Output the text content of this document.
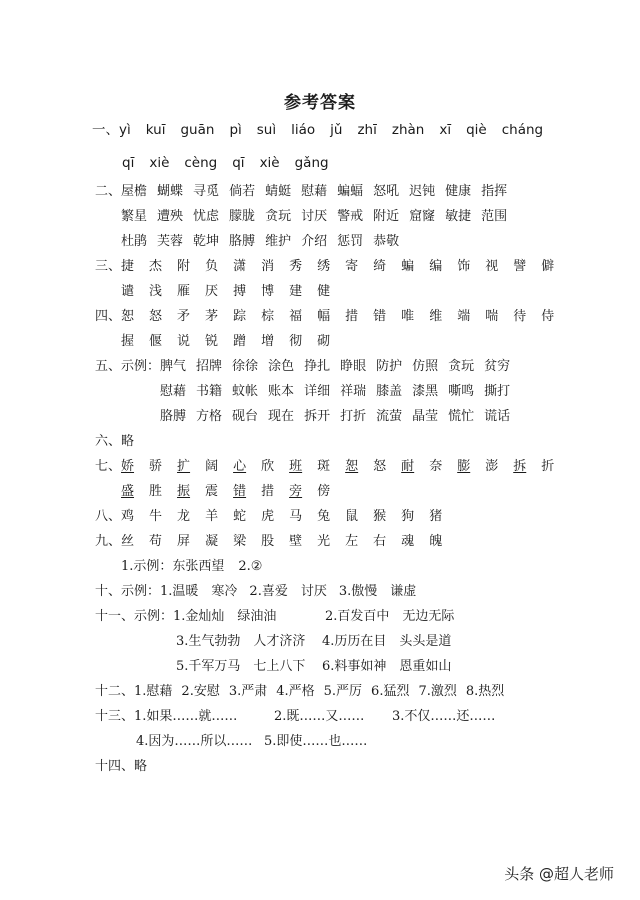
参考答案
一、yì kuī guān pì suì liáo jǔ zhī zhàn xī qiè cháng
qī xiè cèng qī xiè gǎng
二、屋檐 蝴蝶 寻觅 倘若 蜻蜓 慰藉 蝙蝠 怒吼 迟钝 健康 指挥
繁星 遭殃 忧虑 朦胧 贪玩 讨厌 警戒 附近 窟窿 敏捷 范围
杜鹃 芙蓉 乾坤 胳膊 维护 介绍 惩罚 恭敬
三、捷 杰 附 负 潇 消 秀 绣 寄 绮 蝙 编 饰 视 譬 僻
谴 浅 雁 厌 搏 博 建 健
四、恕 怒 矛 茅 踪 棕 福 幅 措 错 唯 维 端 喘 待 侍
握 偃 说 锐 蹭 增 彻 砌
五、示例：脾气 招牌 徐徐 涂色 挣扎 睁眼 防护 仿照 贪玩 贫穷
慰藉 书籍 蚊帐 账本 详细 祥瑞 膝盖 漆黑 嘶鸣 撕打
胳膊 方格 砚台 现在 拆开 打折 流萤 晶莹 慌忙 谎话
六、略
七、娇 骄 扩 阔 心 欣 班 斑 恕 怒 耐 奈 膨 澎 拆 折
盛 胜 振 震 错 措 旁 傍
八、鸡 牛 龙 羊 蛇 虎 马 兔 鼠 猴 狗 猪
九、丝 苟 屏 凝 梁 股 壁 光 左 右 魂 魄
1.示例：东张西望 2.②
十、示例：1.温暖　寒冷 2.喜爱　讨厌 3.傲慢　谦虚
十一、示例：1.金灿灿　绿油油	2.百发百中　无边无际
3.生气勃勃　人才济济 4.历历在目　头头是道
5.千军万马　七上八下 6.料事如神　恩重如山
十二、1.慰藉 2.安慰 3.严肃 4.严格 5.严厉 6.猛烈 7.激烈 8.热烈
十三、1.如果……就……	2.既……又…… 3.不仅……还……
4.因为……所以…… 5.即使……也……
十四、略
头条 @超人老师
